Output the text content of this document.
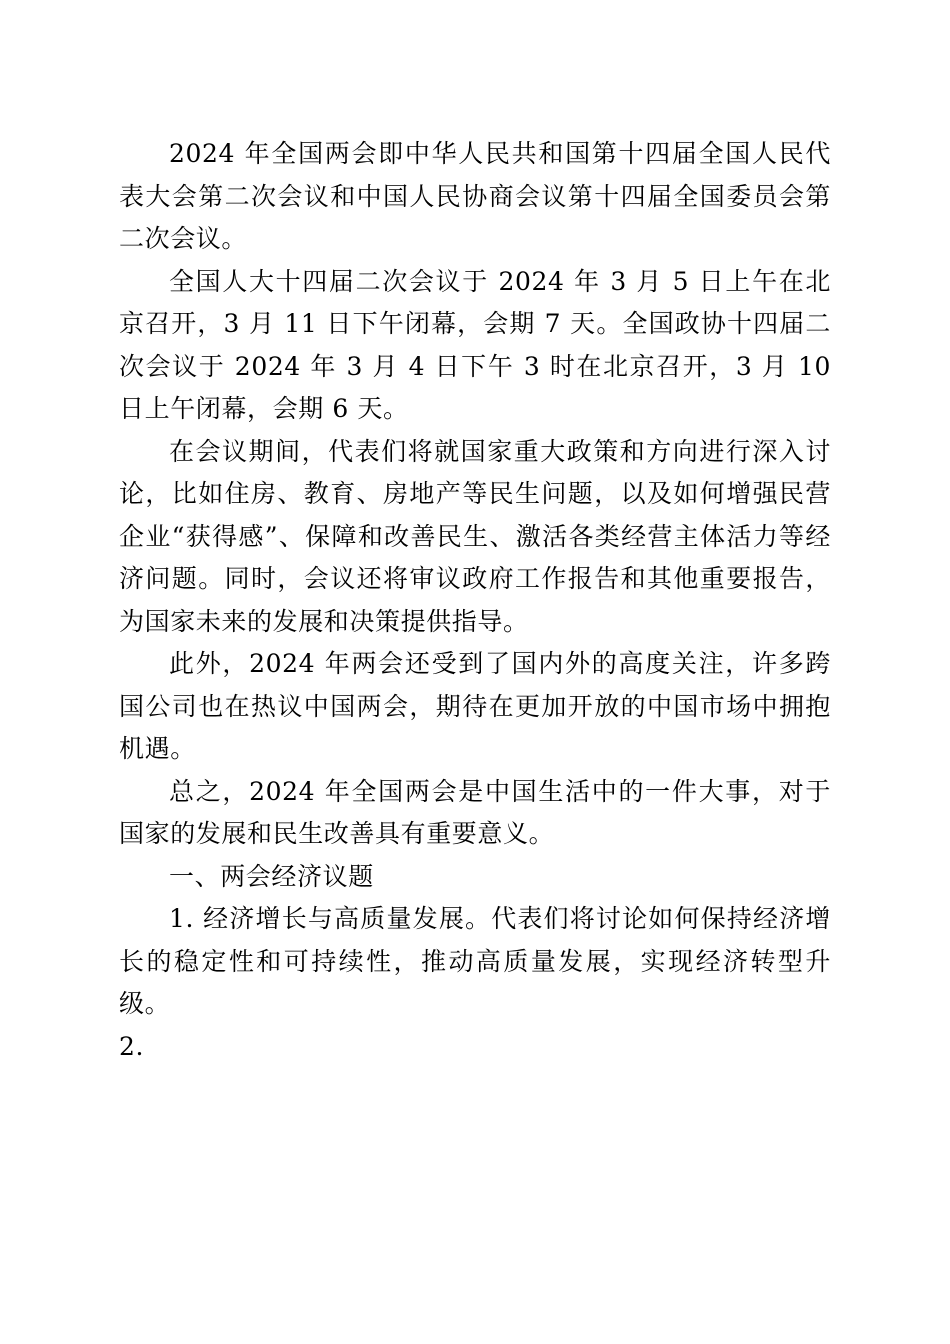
2024 年全国两会即中华人民共和国第十四届全国人民代表大会第二次会议和中国人民协商会议第十四届全国委员会第二次会议。

全国人大十四届二次会议于 2024 年 3 月 5 日上午在北京召开，3 月 11 日下午闭幕，会期 7 天。全国政协十四届二次会议于 2024 年 3 月 4 日下午 3 时在北京召开，3 月 10 日上午闭幕，会期 6 天。

在会议期间，代表们将就国家重大政策和方向进行深入讨论，比如住房、教育、房地产等民生问题，以及如何增强民营企业“获得感”、保障和改善民生、激活各类经营主体活力等经济问题。同时，会议还将审议政府工作报告和其他重要报告，为国家未来的发展和决策提供指导。

此外，2024 年两会还受到了国内外的高度关注，许多跨国公司也在热议中国两会，期待在更加开放的中国市场中拥抱机遇。

总之，2024 年全国两会是中国生活中的一件大事，对于国家的发展和民生改善具有重要意义。

一、两会经济议题

1. 经济增长与高质量发展。代表们将讨论如何保持经济增长的稳定性和可持续性，推动高质量发展，实现经济转型升级。

2.
